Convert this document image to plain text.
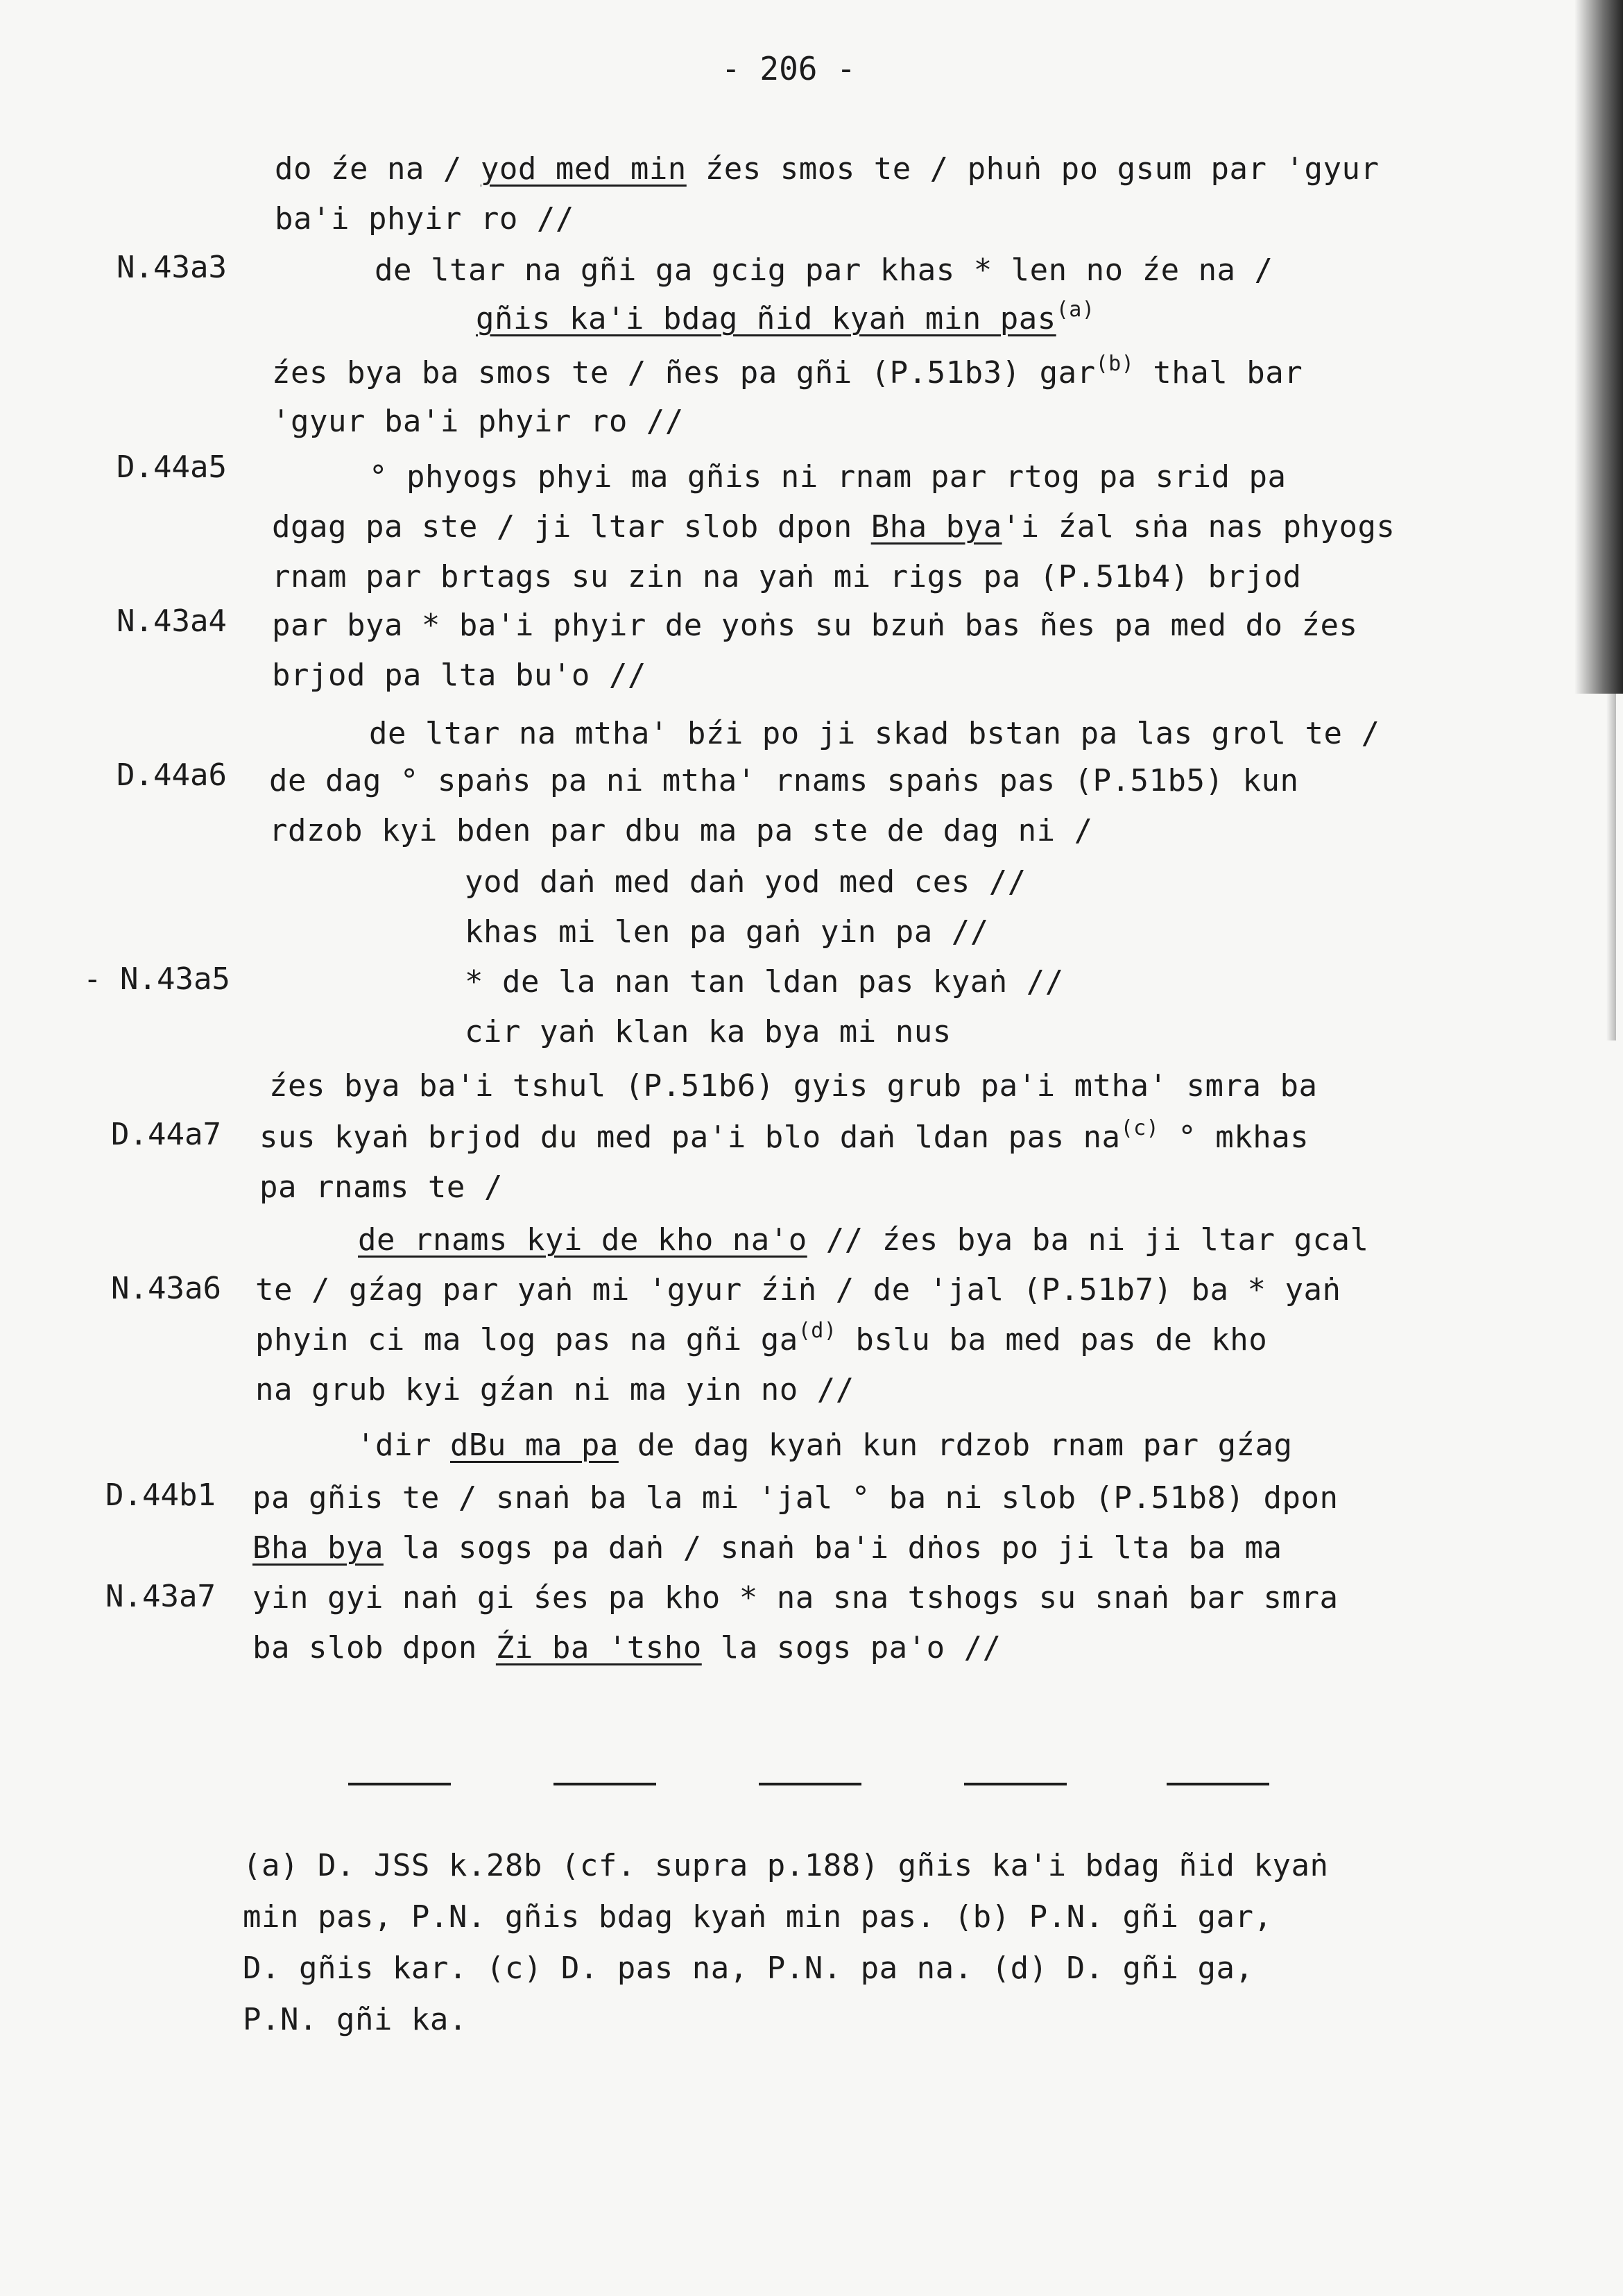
- 206 -
N.43a3
D.44a5
N.43a4
D.44a6
- N.43a5
D.44a7
N.43a6
D.44b1
N.43a7
do źe na / yod med min źes smos te / phuṅ po gsum par 'gyur
ba'i phyir ro //
de ltar na gñi ga gcig par khas * len no źe na /
gñis ka'i bdag ñid kyaṅ min pas$^{(a)}$
źes bya ba smos te / ñes pa gñi (P.51b3) gar$^{(b)}$ thal bar
'gyur ba'i phyir ro //
° phyogs phyi ma gñis ni rnam par rtog pa srid pa
dgag pa ste / ji ltar slob dpon Bha bya'i źal sṅa nas phyogs
rnam par brtags su zin na yaṅ mi rigs pa (P.51b4) brjod
par bya * ba'i phyir de yoṅs su bzuṅ bas ñes pa med do źes
brjod pa lta bu'o //
de ltar na mtha' bźi po ji skad bstan pa las grol te /
de dag ° spaṅs pa ni mtha' rnams spaṅs pas (P.51b5) kun
rdzob kyi bden par dbu ma pa ste de dag ni /
yod daṅ med daṅ yod med ces //
khas mi len pa gaṅ yin pa //
* de la nan tan ldan pas kyaṅ //
cir yaṅ klan ka bya mi nus
źes bya ba'i tshul (P.51b6) gyis grub pa'i mtha' smra ba
sus kyaṅ brjod du med pa'i blo daṅ ldan pas $na^{(c)}$ ° mkhas
pa rnams te /
de rnams kyi de kho na'o // źes bya ba ni ji ltar gcal
te / gźag par yaṅ mi 'gyur źiṅ / de 'jal (P.51b7) ba * yaṅ
phyin ci ma log pas na gñi $ga^{(d)}$ bslu ba med pas de kho
na grub kyi gźan ni ma yin no //
'dir dBu ma pa de dag kyaṅ kun rdzob rnam par gźag
pa gñis te / snaṅ ba la mi 'jal ° ba ni slob (P.51b8) dpon
Bha bya la sogs pa daṅ / snaṅ ba'i dṅos po ji lta ba ma
yin gyi naṅ gi śes pa kho * na sna tshogs su snaṅ bar smra
ba slob dpon Źi ba 'tsho la sogs pa'o //
(a) D. JSS k.28b (cf. supra p.188) gñis ka'i bdag ñid kyaṅ
min pas, P.N. gñis bdag kyaṅ min pas. (b) P.N. gñi gar,
D. gñis kar. (c) D. pas na, P.N. pa na. (d) D. gñi ga,
P.N. gñi ka.
